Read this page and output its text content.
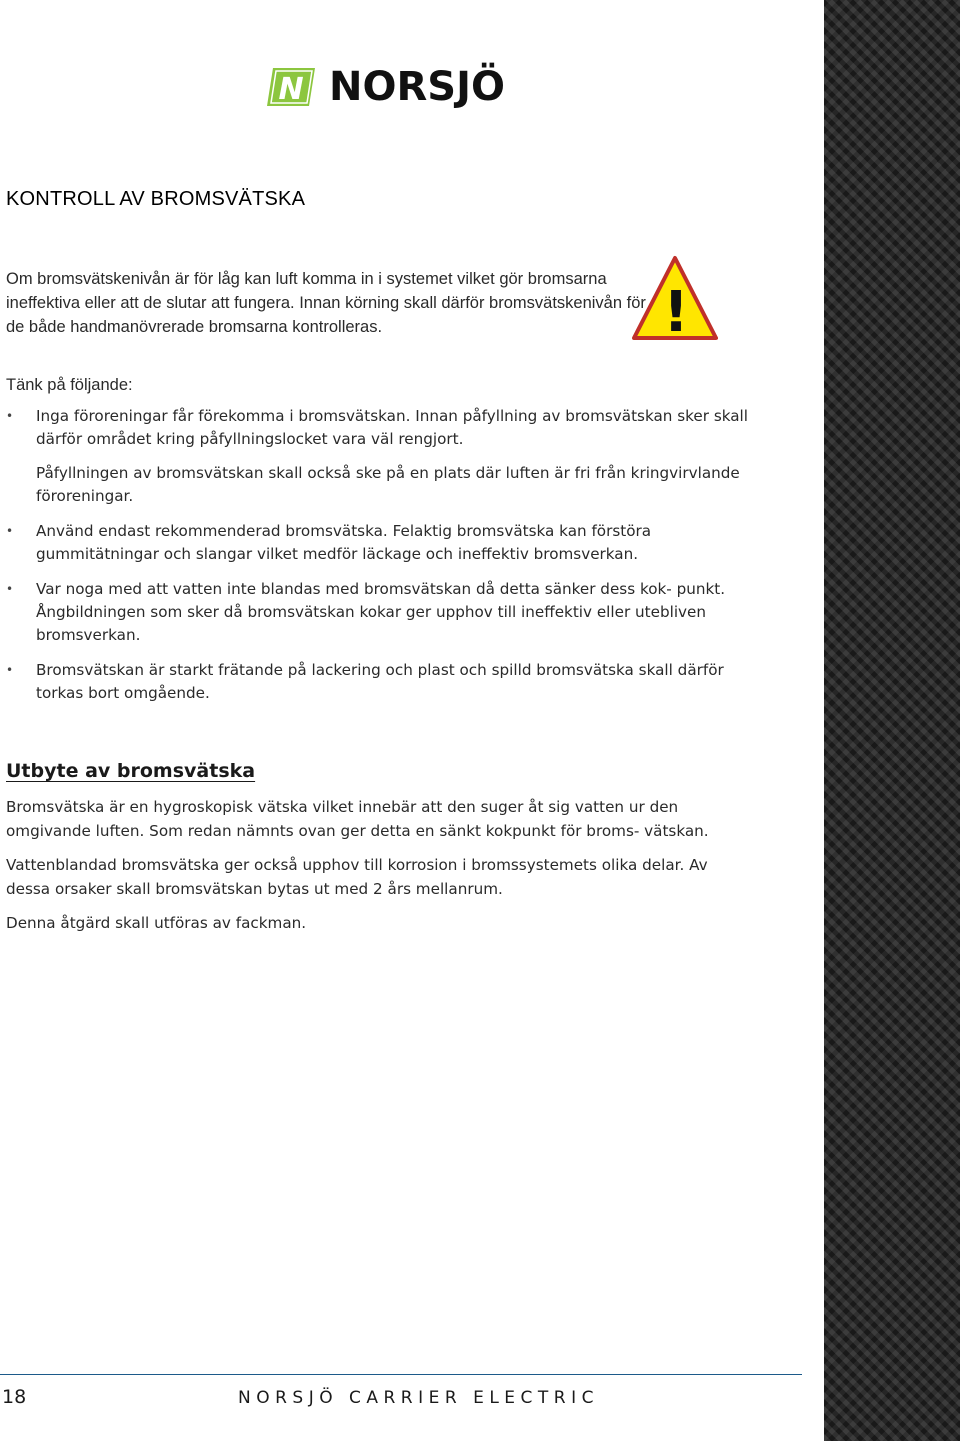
N NORSJÖ
KONTROLL AV BROMSVÄTSKA

Om bromsvätskenivån är för låg kan luft komma in i systemet vilket gör bromsarna ineffektiva eller att de slutar att fungera. Innan körning skall därför bromsvätskenivån för de både handmanövrerade bromsarna kontrolleras.	!

Tänk på följande:

• Inga föroreningar får förekomma i bromsvätskan. Innan påfyllning av bromsvätskan sker skall därför området kring påfyllningslocket vara väl rengjort.

Påfyllningen av bromsvätskan skall också ske på en plats där luften är fri från kringvirvlande föroreningar.

• Använd endast rekommenderad bromsvätska. Felaktig bromsvätska kan förstöra gummitätningar och slangar vilket medför läckage och ineffektiv bromsverkan.

• Var noga med att vatten inte blandas med bromsvätskan då detta sänker dess kok- punkt. Ångbildningen som sker då bromsvätskan kokar ger upphov till ineffektiv eller utebliven bromsverkan.

• Bromsvätskan är starkt frätande på lackering och plast och spilld bromsvätska skall därför torkas bort omgående.

Utbyte av bromsvätska

Bromsvätska är en hygroskopisk vätska vilket innebär att den suger åt sig vatten ur den omgivande luften. Som redan nämnts ovan ger detta en sänkt kokpunkt för broms- vätskan.

Vattenblandad bromsvätska ger också upphov till korrosion i bromssystemets olika delar. Av dessa orsaker skall bromsvätskan bytas ut med 2 års mellanrum.

Denna åtgärd skall utföras av fackman.

18	NORSJÖ CARRIER ELECTRIC
